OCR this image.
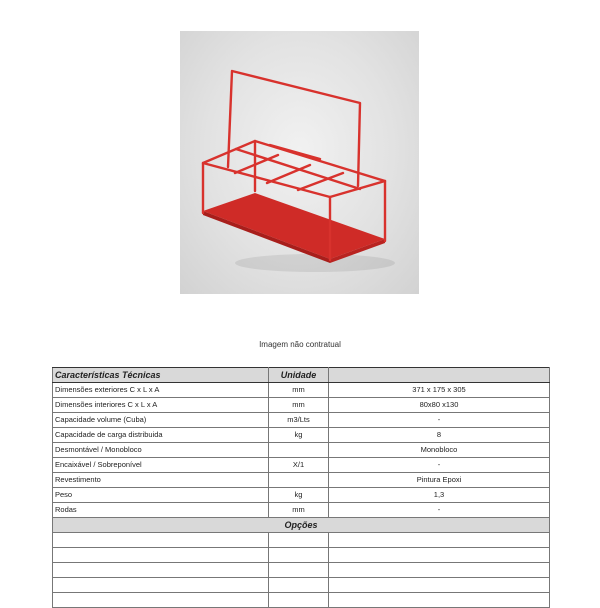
Imagem não contratual
Características Técnicas	Unidade	
Dimensões exteriores C x L x A	mm	371 x 175 x 305
Dimensões interiores C x L x A	mm	80x80 x130
Capacidade volume (Cuba)	m3/Lts	-
Capacidade de carga distribuida	kg	8
Desmontável / Monobloco		Monobloco
Encaixável / Sobreponível	X/1	-
Revestimento		Pintura Epoxi
Peso	kg	1,3
Rodas	mm	-
Opções		
